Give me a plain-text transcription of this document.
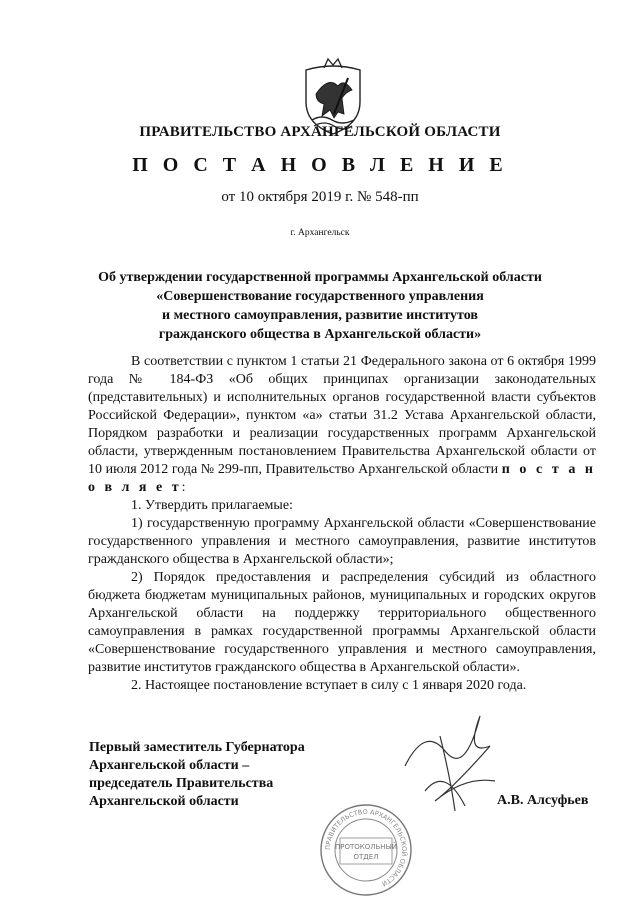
ПРАВИТЕЛЬСТВО АРХАНГЕЛЬСКОЙ ОБЛАСТИ
П О С Т А Н О В Л Е Н И Е
от 10 октября 2019 г. № 548-пп
г. Архангельск
Об утверждении государственной программы Архангельской области
«Совершенствование государственного управления
и местного самоуправления, развитие институтов
гражданского общества в Архангельской области»

В соответствии с пунктом 1 статьи 21 Федерального закона от 6 октября 1999 года № 184-ФЗ «Об общих принципах организации законодательных (представительных) и исполнительных органов государственной власти субъектов Российской Федерации», пунктом «а» статьи 31.2 Устава Архангельской области, Порядком разработки и реализации государственных программ Архангельской области, утвержденным постановлением Правительства Архангельской области от 10 июля 2012 года № 299-пп, Правительство Архангельской области п о с т а н о в л я е т:

1. Утвердить прилагаемые:

1) государственную программу Архангельской области «Совершенствование государственного управления и местного самоуправления, развитие институтов гражданского общества в Архангельской области»;

2) Порядок предоставления и распределения субсидий из областного бюджета бюджетам муниципальных районов, муниципальных и городских округов Архангельской области на поддержку территориального общественного самоуправления в рамках государственной программы Архангельской области «Совершенствование государственного управления и местного самоуправления, развитие институтов гражданского общества в Архангельской области».

2. Настоящее постановление вступает в силу с 1 января 2020 года.

Первый заместитель Губернатора
Архангельской области –
председатель Правительства
Архангельской области
ПРАВИТЕЛЬСТВО АРХАНГЕЛЬСКОЙ ОБЛАСТИ
ПРОТОКОЛЬНЫЙ
ОТДЕЛ
А.В. Алсуфьев
